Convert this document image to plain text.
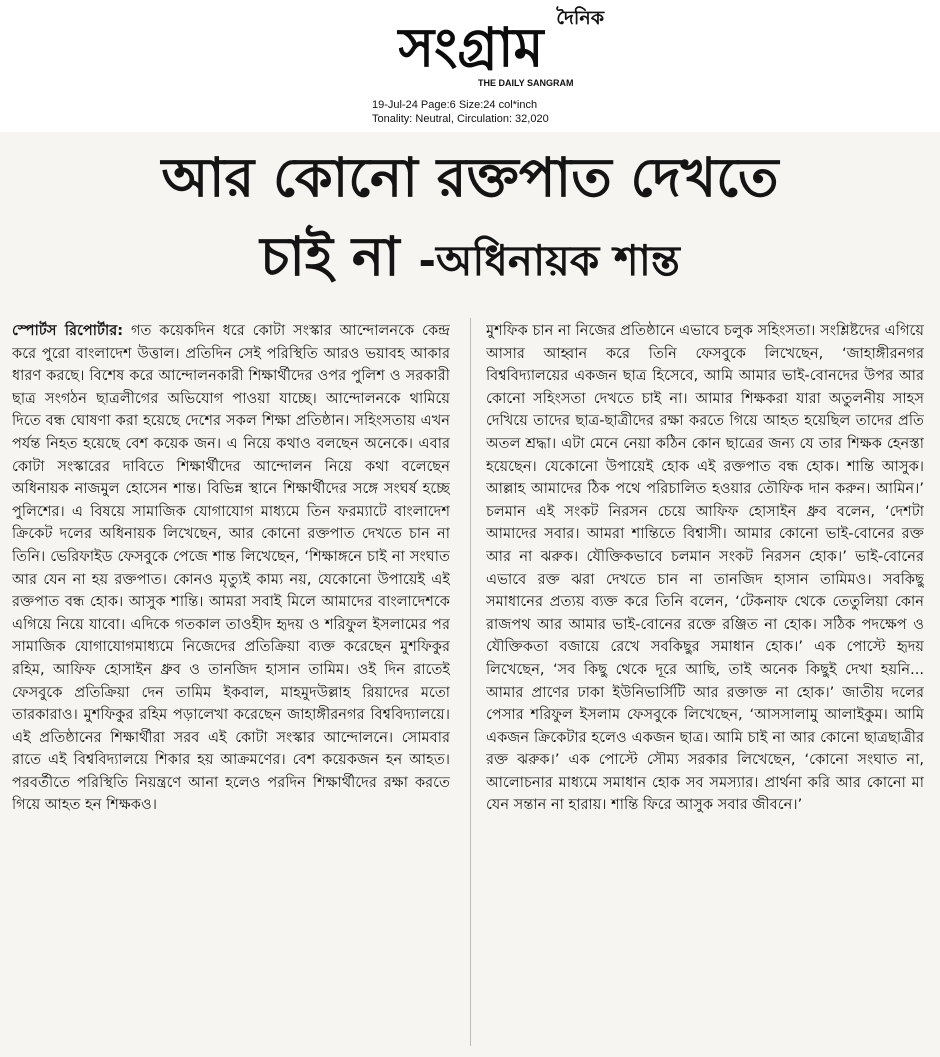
দৈনিক
সংগ্রাম
THE DAILY SANGRAM
19-Jul-24 Page:6 Size:24 col*inch
Tonality: Neutral, Circulation: 32,020
আর কোনো রক্তপাত দেখতে
চাই না -অধিনায়ক শান্ত

স্পোর্টস রিপোর্টার: গত কয়েকদিন ধরে কোটা সংস্কার আন্দোলনকে কেন্দ্র করে পুরো বাংলাদেশ উত্তাল। প্রতিদিন সেই পরিস্থিতি আরও ভয়াবহ আকার ধারণ করছে। বিশেষ করে আন্দোলনকারী শিক্ষার্থীদের ওপর পুলিশ ও সরকারী ছাত্র সংগঠন ছাত্রলীগের অভিযোগ পাওয়া যাচ্ছে। আন্দোলনকে থামিয়ে দিতে বন্ধ ঘোষণা করা হয়েছে দেশের সকল শিক্ষা প্রতিষ্ঠান। সহিংসতায় এখন পর্যন্ত নিহত হয়েছে বেশ কয়েক জন। এ নিয়ে কথাও বলছেন অনেকে। এবার কোটা সংস্কারের দাবিতে শিক্ষার্থীদের আন্দোলন নিয়ে কথা বলেছেন অধিনায়ক নাজমুল হোসেন শান্ত। বিভিন্ন স্থানে শিক্ষার্থীদের সঙ্গে সংঘর্ষ হচ্ছে পুলিশের। এ বিষয়ে সামাজিক যোগাযোগ মাধ্যমে তিন ফরম্যাটে বাংলাদেশ ক্রিকেট দলের অধিনায়ক লিখেছেন, আর কোনো রক্তপাত দেখতে চান না তিনি। ভেরিফাইড ফেসবুকে পেজে শান্ত লিখেছেন, ‘শিক্ষাঙ্গনে চাই না সংঘাত আর যেন না হয় রক্তপাত। কোনও মৃত্যুই কাম্য নয়, যেকোনো উপায়েই এই রক্তপাত বন্ধ হোক। আসুক শান্তি। আমরা সবাই মিলে আমাদের বাংলাদেশকে এগিয়ে নিয়ে যাবো। এদিকে গতকাল তাওহীদ হৃদয় ও শরিফুল ইসলামের পর সামাজিক যোগাযোগমাধ্যমে নিজেদের প্রতিক্রিয়া ব্যক্ত করেছেন মুশফিকুর রহিম, আফিফ হোসাইন ধ্রুব ও তানজিদ হাসান তামিম। ওই দিন রাতেই ফেসবুকে প্রতিক্রিয়া দেন তামিম ইকবাল, মাহমুদউল্লাহ রিয়াদের মতো তারকারাও। মুশফিকুর রহিম পড়ালেখা করেছেন জাহাঙ্গীরনগর বিশ্ববিদ্যালয়ে। এই প্রতিষ্ঠানের শিক্ষার্থীরা সরব এই কোটা সংস্কার আন্দোলনে। সোমবার রাতে এই বিশ্ববিদ্যালয়ে শিকার হয় আক্রমণের। বেশ কয়েকজন হন আহত। পরবর্তীতে পরিস্থিতি নিয়ন্ত্রণে আনা হলেও পরদিন শিক্ষার্থীদের রক্ষা করতে গিয়ে আহত হন শিক্ষকও।

মুশফিক চান না নিজের প্রতিষ্ঠানে এভাবে চলুক সহিংসতা। সংশ্লিষ্টদের এগিয়ে আসার আহ্বান করে তিনি ফেসবুকে লিখেছেন, ‘জাহাঙ্গীরনগর বিশ্ববিদ্যালয়ের একজন ছাত্র হিসেবে, আমি আমার ভাই-বোনদের উপর আর কোনো সহিংসতা দেখতে চাই না। আমার শিক্ষকরা যারা অতুলনীয় সাহস দেখিয়ে তাদের ছাত্র-ছাত্রীদের রক্ষা করতে গিয়ে আহত হয়েছিল তাদের প্রতি অতল শ্রদ্ধা। এটা মেনে নেয়া কঠিন কোন ছাত্রের জন্য যে তার শিক্ষক হেনস্তা হয়েছেন। যেকোনো উপায়েই হোক এই রক্তপাত বন্ধ হোক। শান্তি আসুক। আল্লাহ আমাদের ঠিক পথে পরিচালিত হওয়ার তৌফিক দান করুন। আমিন।’ চলমান এই সংকট নিরসন চেয়ে আফিফ হোসাইন ধ্রুব বলেন, ‘দেশটা আমাদের সবার। আমরা শান্তিতে বিশ্বাসী। আমার কোনো ভাই-বোনের রক্ত আর না ঝরুক। যৌক্তিকভাবে চলমান সংকট নিরসন হোক।’ ভাই-বোনের এভাবে রক্ত ঝরা দেখতে চান না তানজিদ হাসান তামিমও। সবকিছু সমাধানের প্রত্যয় ব্যক্ত করে তিনি বলেন, ‘টেকনাফ থেকে তেতুলিয়া কোন রাজপথ আর আমার ভাই-বোনের রক্তে রঞ্জিত না হোক। সঠিক পদক্ষেপ ও যৌক্তিকতা বজায়ে রেখে সবকিছুর সমাধান হোক।’ এক পোস্টে হৃদয় লিখেছেন, ‘সব কিছু থেকে দূরে আছি, তাই অনেক কিছুই দেখা হয়নি... আমার প্রাণের ঢাকা ইউনিভার্সিটি আর রক্তাক্ত না হোক।’ জাতীয় দলের পেসার শরিফুল ইসলাম ফেসবুকে লিখেছেন, ‘আসসালামু আলাইকুম। আমি একজন ক্রিকেটার হলেও একজন ছাত্র। আমি চাই না আর কোনো ছাত্রছাত্রীর রক্ত ঝরুক।’ এক পোস্টে সৌম্য সরকার লিখেছেন, ‘কোনো সংঘাত না, আলোচনার মাধ্যমে সমাধান হোক সব সমস্যার। প্রার্থনা করি আর কোনো মা যেন সন্তান না হারায়। শান্তি ফিরে আসুক সবার জীবনে।’
